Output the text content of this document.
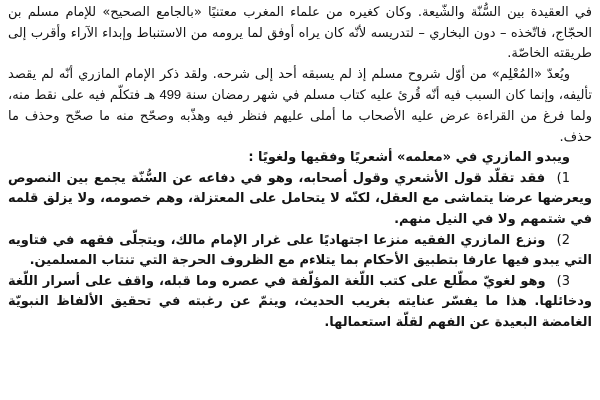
في العقيدة بين السُّنّة والشّيعة. وكان كغيره من علماء المغرب معتنيًا «بالجامع الصحيح» للإمام مسلم بن الحجّاج، فاتّخذه – دون البخاري – لتدريسه لأنّه كان يراه أوفق لما يرومه من الاستنباط وإبداء الآراء وأقرب إلى طريقته الخاصّة.

ويُعدّ «المُعْلِم» من أوّل شروح مسلم إذ لم يسبقه أحد إلى شرحه. ولقد ذكر الإمام المازري أنّه لم يقصد تأليفه، وإنما كان السبب فيه أنّه قُرئ عليه كتاب مسلم في شهر رمضان سنة 499 هـ فتكلّم فيه على نقط منه، ولما فرغ من القراءة عرض عليه الأصحاب ما أملى عليهم فنظر فيه وهذّبه وصحّح منه ما صحّح وحذف ما حذف.

ويبدو المازري في «معلمه» أشعريًا وفقيها ولغويًا :

1) فقد تقلّد قول الأشعري وقول أصحابه، وهو في دفاعه عن السُّنّة يجمع بين النصوص ويعرضها عرضا يتماشى مع العقل، لكنّه لا يتحامل على المعتزلة، وهم خصومه، ولا يزلق قلمه في شتمهم ولا في النيل منهم.

2) ونزع المازري الفقيه منزعا اجتهاديًا على غرار الإمام مالك، ويتجلّى فقهه في فتاويه التي يبدو فيها عارفا بتطبيق الأحكام بما يتلاءم مع الظروف الحرجة التي تنتاب المسلمين.

3) وهو لغويّ مطّلع على كتب اللّغة المؤلّفة في عصره وما قبله، واقف على أسرار اللّغة ودخائلها. هذا ما يفسّر عنايته بغريب الحديث، وينمّ عن رغبته في تحقيق الألفاظ النبويّة الغامضة البعيدة عن الفهم لقلّة استعمالها.
